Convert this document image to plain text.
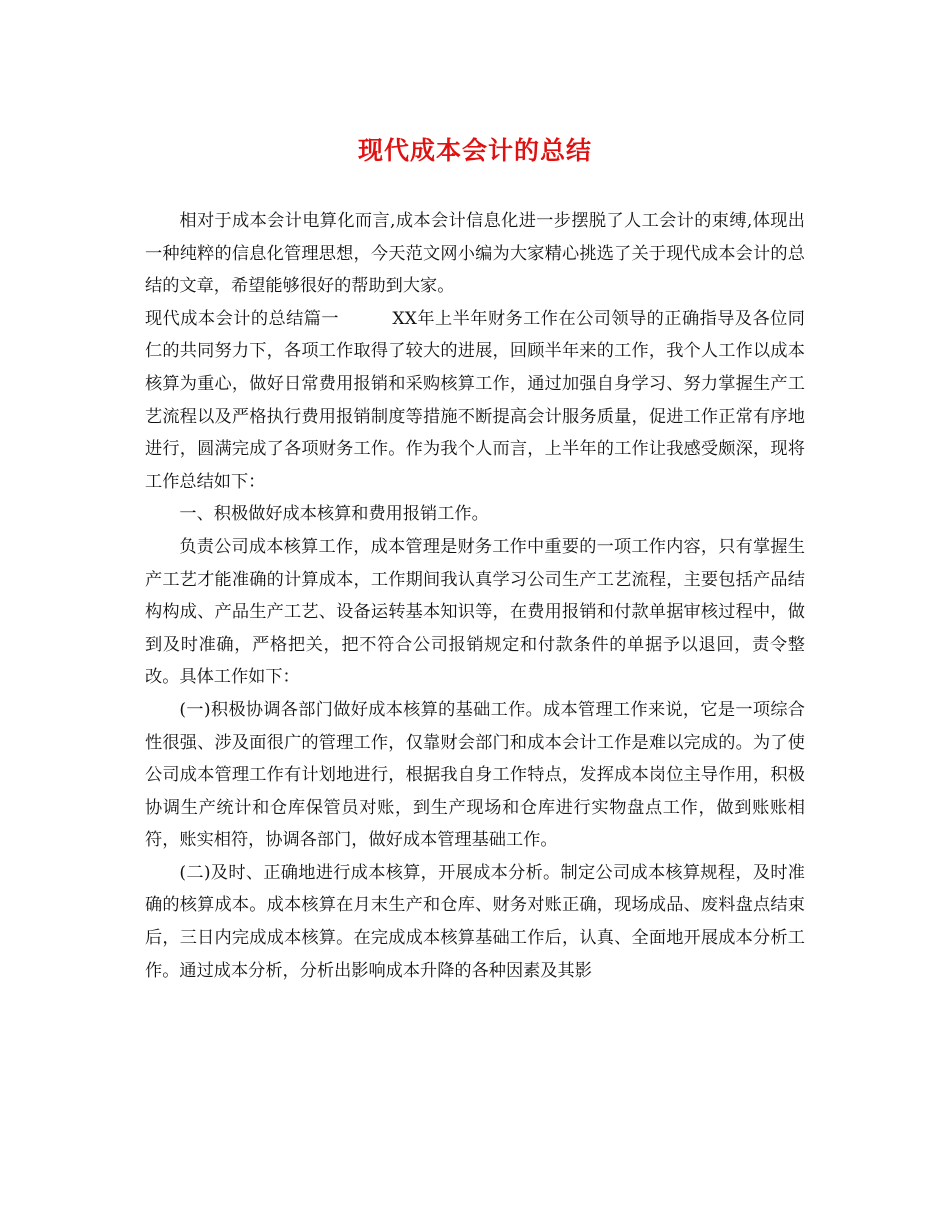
现代成本会计的总结

相对于成本会计电算化而言,成本会计信息化进一步摆脱了人工会计的束缚,体现出一种纯粹的信息化管理思想，今天范文网小编为大家精心挑选了关于现代成本会计的总结的文章，希望能够很好的帮助到大家。

现代成本会计的总结篇一	XX年上半年财务工作在公司领导的正确指导及各位同仁的共同努力下，各项工作取得了较大的进展，回顾半年来的工作，我个人工作以成本核算为重心，做好日常费用报销和采购核算工作，通过加强自身学习、努力掌握生产工艺流程以及严格执行费用报销制度等措施不断提高会计服务质量，促进工作正常有序地进行，圆满完成了各项财务工作。作为我个人而言，上半年的工作让我感受颇深，现将工作总结如下：

一、积极做好成本核算和费用报销工作。

负责公司成本核算工作，成本管理是财务工作中重要的一项工作内容，只有掌握生产工艺才能准确的计算成本，工作期间我认真学习公司生产工艺流程，主要包括产品结构构成、产品生产工艺、设备运转基本知识等，在费用报销和付款单据审核过程中，做到及时准确，严格把关，把不符合公司报销规定和付款条件的单据予以退回，责令整改。具体工作如下：

(一)积极协调各部门做好成本核算的基础工作。成本管理工作来说，它是一项综合性很强、涉及面很广的管理工作，仅靠财会部门和成本会计工作是难以完成的。为了使公司成本管理工作有计划地进行，根据我自身工作特点，发挥成本岗位主导作用，积极协调生产统计和仓库保管员对账，到生产现场和仓库进行实物盘点工作，做到账账相符，账实相符，协调各部门，做好成本管理基础工作。

(二)及时、正确地进行成本核算，开展成本分析。制定公司成本核算规程，及时准确的核算成本。成本核算在月末生产和仓库、财务对账正确，现场成品、废料盘点结束后，三日内完成成本核算。在完成成本核算基础工作后，认真、全面地开展成本分析工作。通过成本分析，分析出影响成本升降的各种因素及其影
